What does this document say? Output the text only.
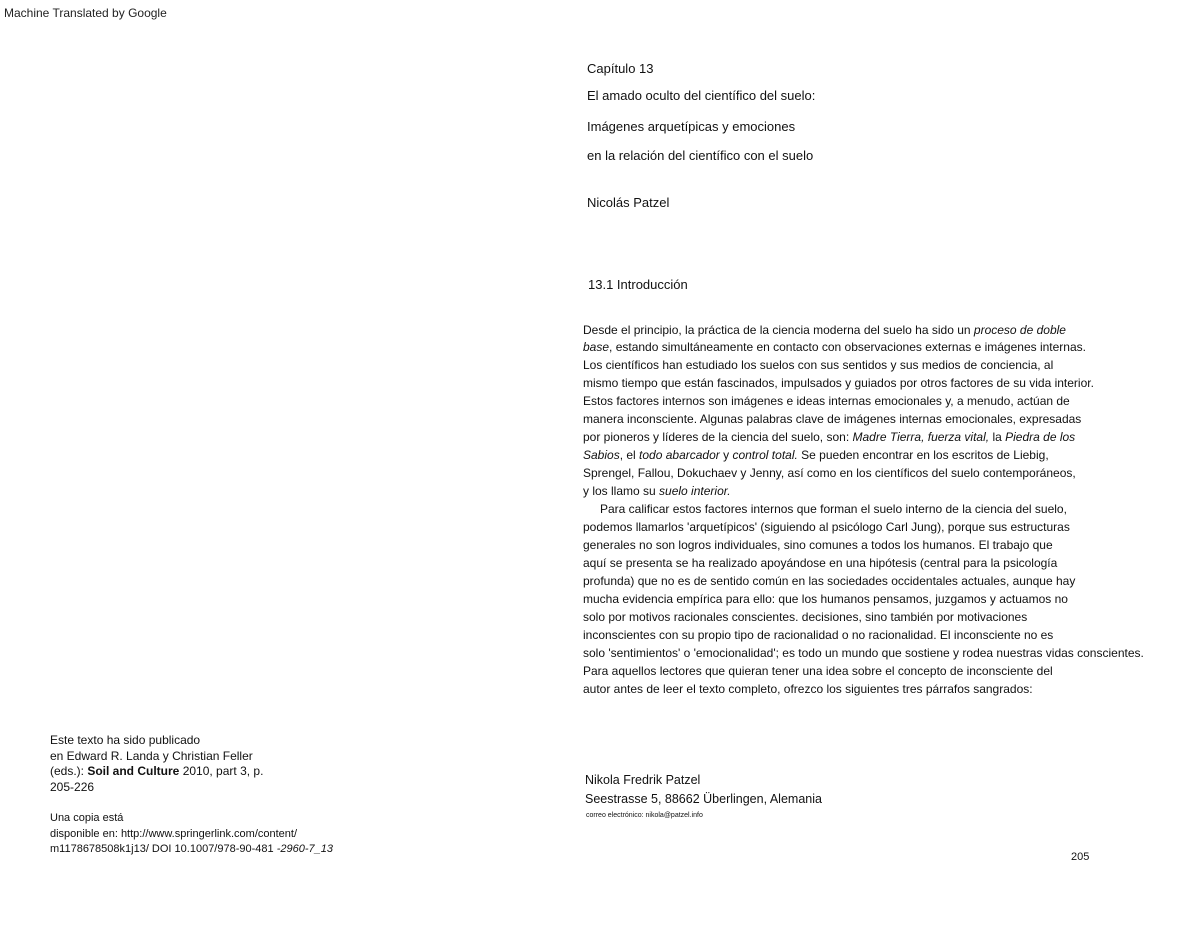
Machine Translated by Google
Capítulo 13
El amado oculto del científico del suelo:
Imágenes arquetípicas y emociones
en la relación del científico con el suelo
Nicolás Patzel
13.1 Introducción
Desde el principio, la práctica de la ciencia moderna del suelo ha sido un proceso de doble
base, estando simultáneamente en contacto con observaciones externas e imágenes internas.
Los científicos han estudiado los suelos con sus sentidos y sus medios de conciencia, al
mismo tiempo que están fascinados, impulsados y guiados por otros factores de su vida interior.
Estos factores internos son imágenes e ideas internas emocionales y, a menudo, actúan de
manera inconsciente. Algunas palabras clave de imágenes internas emocionales, expresadas
por pioneros y líderes de la ciencia del suelo, son: Madre Tierra, fuerza vital, la Piedra de los
Sabios, el todo abarcador y control total. Se pueden encontrar en los escritos de Liebig,
Sprengel, Fallou, Dokuchaev y Jenny, así como en los científicos del suelo contemporáneos,
y los llamo su suelo interior.
Para calificar estos factores internos que forman el suelo interno de la ciencia del suelo,
podemos llamarlos 'arquetípicos' (siguiendo al psicólogo Carl Jung), porque sus estructuras
generales no son logros individuales, sino comunes a todos los humanos. El trabajo que
aquí se presenta se ha realizado apoyándose en una hipótesis (central para la psicología
profunda) que no es de sentido común en las sociedades occidentales actuales, aunque hay
mucha evidencia empírica para ello: que los humanos pensamos, juzgamos y actuamos no
solo por motivos racionales conscientes. decisiones, sino también por motivaciones
inconscientes con su propio tipo de racionalidad o no racionalidad. El inconsciente no es
solo 'sentimientos' o 'emocionalidad'; es todo un mundo que sostiene y rodea nuestras vidas conscientes.
Para aquellos lectores que quieran tener una idea sobre el concepto de inconsciente del
autor antes de leer el texto completo, ofrezco los siguientes tres párrafos sangrados:
Nikola Fredrik Patzel
Seestrasse 5, 88662 Überlingen, Alemania
correo electrónico: nikola@patzel.info
205
Este texto ha sido publicado
en Edward R. Landa y Christian Feller
(eds.): Soil and Culture 2010, part 3, p.
205-226
Una copia está
disponible en: http://www.springerlink.com/content/
m1178678508k1j13/ DOI 10.1007/978-90-481 -2960-7_13
